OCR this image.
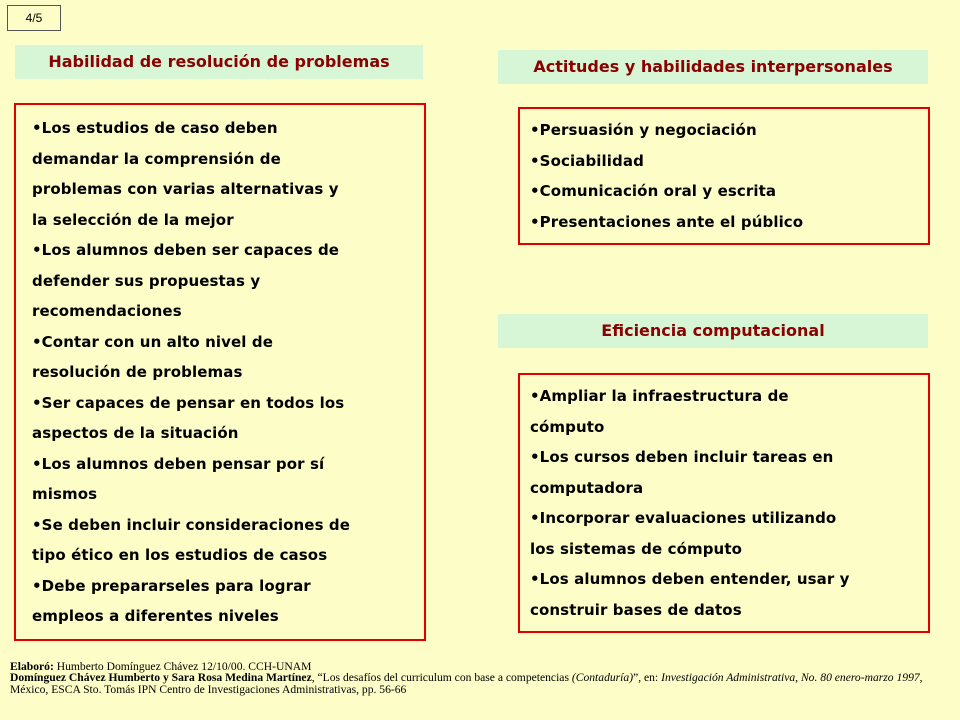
4/5
Habilidad de resolución de problemas
•Los estudios de caso deben
demandar la comprensión de
problemas con varias alternativas y
la selección de la mejor
•Los alumnos deben ser capaces de
defender sus propuestas y
recomendaciones
•Contar con un alto nivel de
resolución de problemas
•Ser capaces de pensar en todos los
aspectos de la situación
•Los alumnos deben pensar por sí
mismos
•Se deben incluir consideraciones de
tipo ético en los estudios de casos
•Debe prepararseles para lograr
empleos a diferentes niveles
Actitudes y habilidades interpersonales
•Persuasión y negociación
•Sociabilidad
•Comunicación oral y escrita
•Presentaciones ante el público
Eficiencia computacional
•Ampliar la infraestructura de
cómputo
•Los cursos deben incluir tareas en
computadora
•Incorporar evaluaciones utilizando
los sistemas de cómputo
•Los alumnos deben entender, usar y
construir bases de datos
Elaboró: Humberto Domínguez Chávez 12/10/00. CCH-UNAM
Domínguez Chávez Humberto y Sara Rosa Medina Martínez, “Los desafíos del curriculum con base a competencias (Contaduría)”, en: Investigación Administrativa, No. 80 enero-marzo 1997, México, ESCA Sto. Tomás IPN Centro de Investigaciones Administrativas, pp. 56-66
